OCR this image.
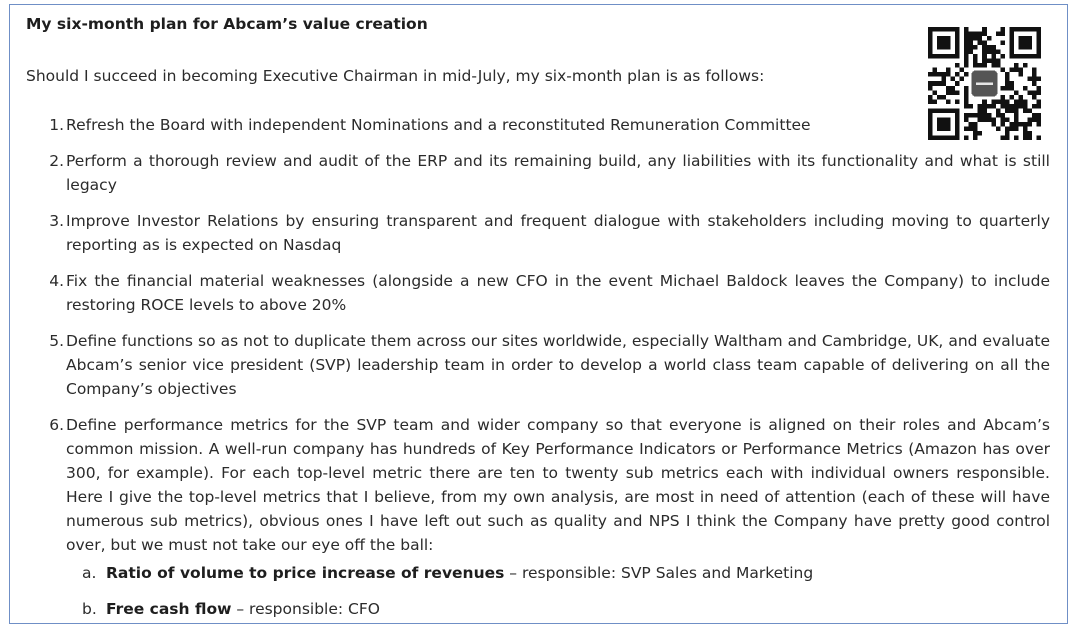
My six-month plan for Abcam’s value creation
Should I succeed in becoming Executive Chairman in mid-July, my six-month plan is as follows:
1. Refresh the Board with independent Nominations and a reconstituted Remuneration Committee
2. Perform a thorough review and audit of the ERP and its remaining build, any liabilities with its functionality and what is still legacy
3. Improve Investor Relations by ensuring transparent and frequent dialogue with stakeholders including moving to quarterly reporting as is expected on Nasdaq
4. Fix the financial material weaknesses (alongside a new CFO in the event Michael Baldock leaves the Company) to include restoring ROCE levels to above 20%
5. Define functions so as not to duplicate them across our sites worldwide, especially Waltham and Cambridge, UK, and evaluate Abcam’s senior vice president (SVP) leadership team in order to develop a world class team capable of delivering on all the Company’s objectives
6. Define performance metrics for the SVP team and wider company so that everyone is aligned on their roles and Abcam’s common mission. A well-run company has hundreds of Key Performance Indicators or Performance Metrics (Amazon has over 300, for example). For each top-level metric there are ten to twenty sub metrics each with individual owners responsible. Here I give the top-level metrics that I believe, from my own analysis, are most in need of attention (each of these will have numerous sub metrics), obvious ones I have left out such as quality and NPS I think the Company have pretty good control over, but we must not take our eye off the ball:
a. Ratio of volume to price increase of revenues – responsible: SVP Sales and Marketing
b. Free cash flow – responsible: CFO
